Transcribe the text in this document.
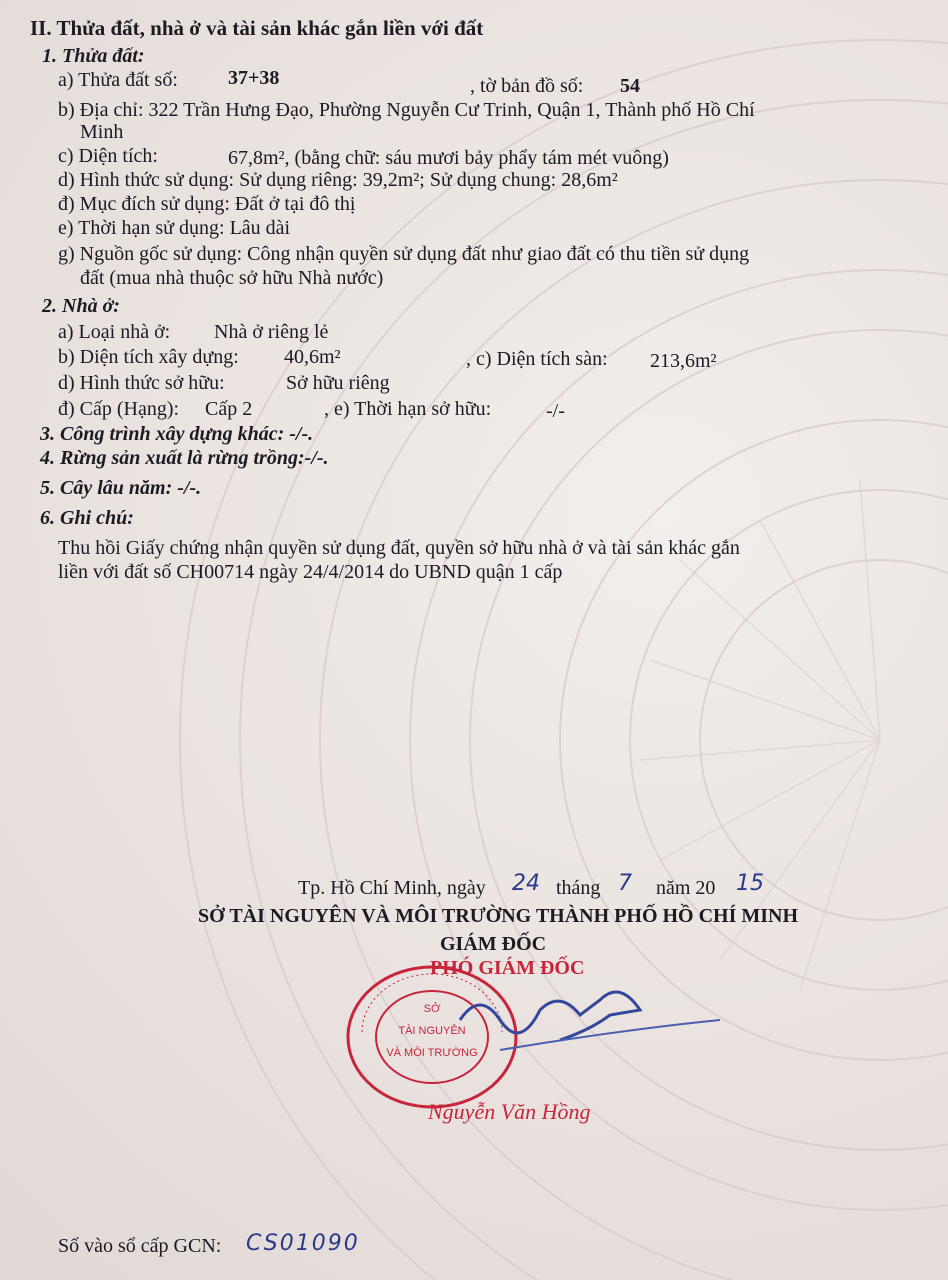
II. Thửa đất, nhà ở và tài sản khác gắn liền với đất
1. Thửa đất:
a) Thửa đất số:	37+38	, tờ bản đồ số: 54
b) Địa chỉ: 322 Trần Hưng Đạo, Phường Nguyễn Cư Trinh, Quận 1, Thành phố Hồ Chí
Minh
c) Diện tích:	67,8m², (bằng chữ: sáu mươi bảy phẩy tám mét vuông)
d) Hình thức sử dụng: Sử dụng riêng: 39,2m²; Sử dụng chung: 28,6m²
đ) Mục đích sử dụng: Đất ở tại đô thị
e) Thời hạn sử dụng: Lâu dài
g) Nguồn gốc sử dụng: Công nhận quyền sử dụng đất như giao đất có thu tiền sử dụng
đất (mua nhà thuộc sở hữu Nhà nước)
2. Nhà ở:
a) Loại nhà ở: Nhà ở riêng lẻ
b) Diện tích xây dựng: 40,6m²	, c) Diện tích sàn: 213,6m²
d) Hình thức sở hữu:	Sở hữu riêng
đ) Cấp (Hạng): Cấp 2	, e) Thời hạn sở hữu:	-/-
3. Công trình xây dựng khác: -/-.
4. Rừng sản xuất là rừng trồng:-/-.
5. Cây lâu năm: -/-.
6. Ghi chú:
Thu hồi Giấy chứng nhận quyền sử dụng đất, quyền sở hữu nhà ở và tài sản khác gắn
liền với đất số CH00714 ngày 24/4/2014 do UBND quận 1 cấp
Tp. Hồ Chí Minh, ngày 24 tháng 7 năm 20 15
SỞ TÀI NGUYÊN VÀ MÔI TRƯỜNG THÀNH PHỐ HỒ CHÍ MINH
GIÁM ĐỐC
PHÓ GIÁM ĐỐC
SỞ
TÀI NGUYÊN
VÀ MÔI TRƯỜNG
Nguyễn Văn Hồng
Số vào sổ cấp GCN: CS01090
